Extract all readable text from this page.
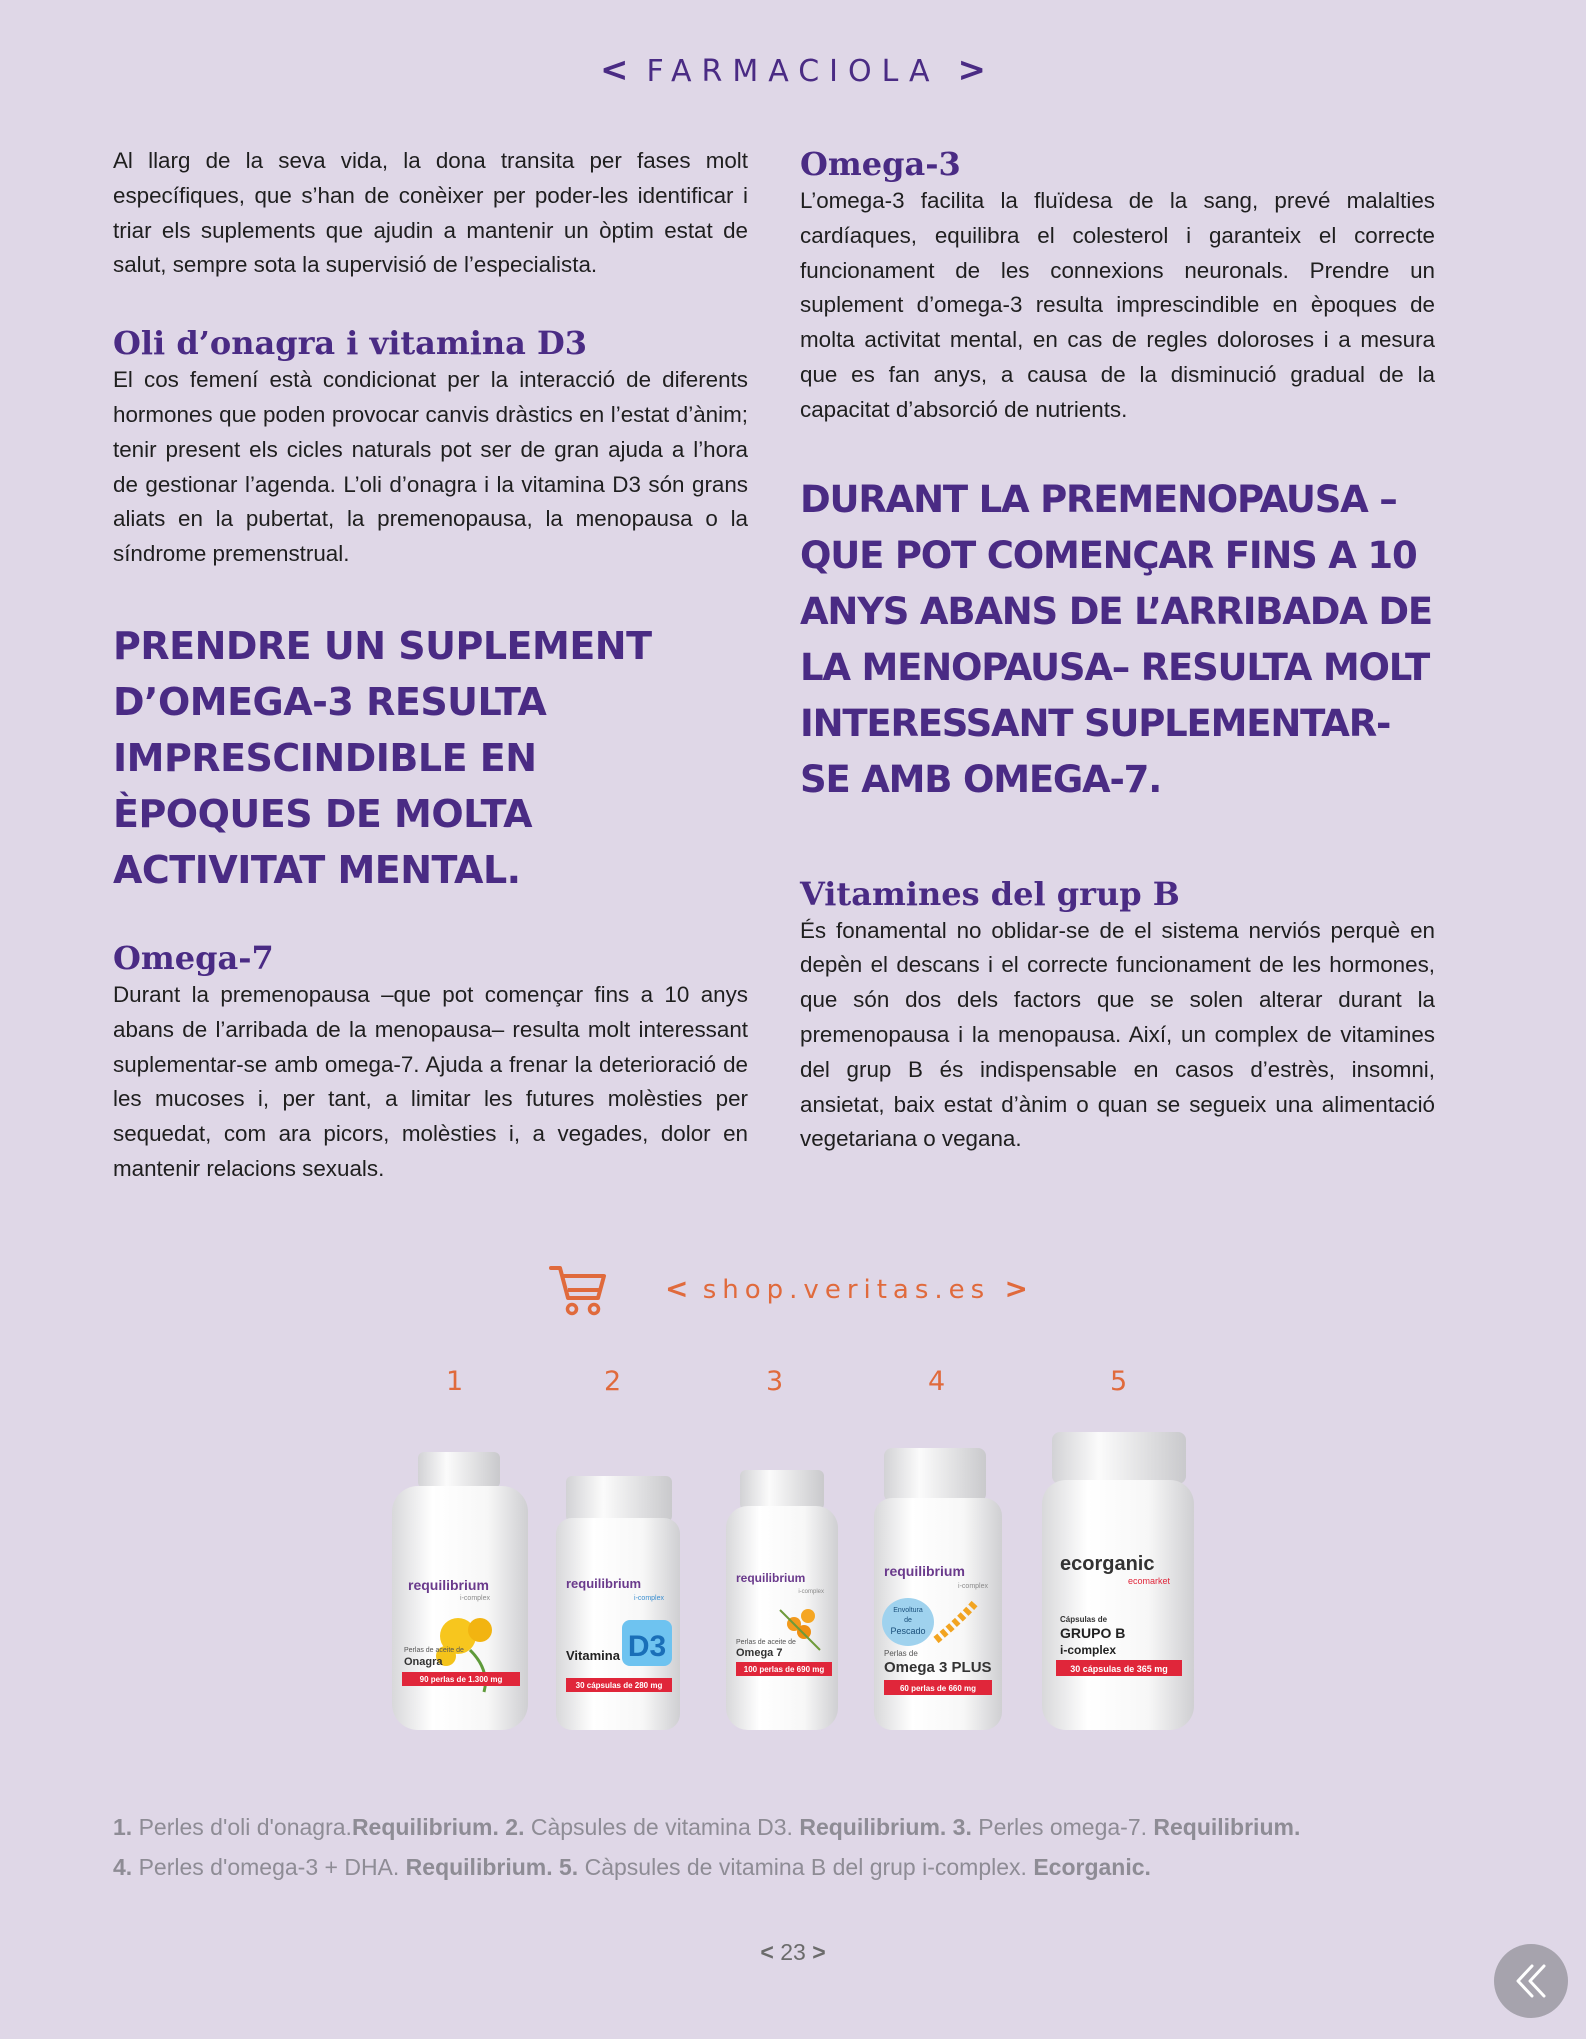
< FARMACIOLA >

Al llarg de la seva vida, la dona transita per fases molt específiques, que s’han de conèixer per poder-les identificar i triar els suplements que ajudin a mantenir un òptim estat de salut, sempre sota la supervisió de l’especialista.

Oli d’onagra i vitamina D3

El cos femení està condicionat per la interacció de diferents hormones que poden provocar canvis dràstics en l’estat d’ànim; tenir present els cicles naturals pot ser de gran ajuda a l’hora de gestionar l’agenda. L’oli d’onagra i la vitamina D3 són grans aliats en la pubertat, la premenopausa, la menopausa o la síndrome premenstrual.

PRENDRE UN SUPLEMENT D’OMEGA-3 RESULTA IMPRESCINDIBLE EN ÈPOQUES DE MOLTA ACTIVITAT MENTAL.

Omega-7

Durant la premenopausa –que pot començar fins a 10 anys abans de l’arribada de la menopausa– resulta molt interessant suplementar-se amb omega-7. Ajuda a frenar la deterioració de les mucoses i, per tant, a limitar les futures molèsties per sequedat, com ara picors, molèsties i, a vegades, dolor en mantenir relacions sexuals.

Omega-3

L’omega-3 facilita la fluïdesa de la sang, prevé malalties cardíaques, equilibra el colesterol i garanteix el correcte funcionament de les connexions neuronals. Prendre un suplement d’omega-3 resulta imprescindible en èpoques de molta activitat mental, en cas de regles doloroses i a mesura que es fan anys, a causa de la disminució gradual de la capacitat d’absorció de nutrients.

DURANT LA PREMENOPAUSA –QUE POT COMENÇAR FINS A 10 ANYS ABANS DE L’ARRIBADA DE LA MENOPAUSA– RESULTA MOLT INTERESSANT SUPLEMENTAR-SE AMB OMEGA-7.

Vitamines del grup B

És fonamental no oblidar-se de el sistema nerviós perquè en depèn el descans i el correcte funcionament de les hormones, que són dos dels factors que se solen alterar durant la premenopausa i la menopausa. Així, un complex de vitamines del grup B és indispensable en casos d’estrès, insomni, ansietat, baix estat d’ànim o quan se segueix una alimentació vegetariana o vegana.

< shop.veritas.es >
1	2	3	4	5
requilibrium
i-complex
Perlas de aceite de
Onagra
90 perlas de 1.300 mg
requilibrium
i-complex
Vitamina D3
30 cápsulas de 280 mg
requilibrium
i-complex
Perlas de aceite de
Omega 7
100 perlas de 690 mg
requilibrium
i-complex
Envoltura
de
Pescado
Perlas de
Omega 3 PLUS
60 perlas de 660 mg
ecorganic
ecomarket
Cápsulas de
GRUPO B
i-complex
30 cápsulas de 365 mg
1. Perles d'oli d'onagra.Requilibrium. 2. Càpsules de vitamina D3. Requilibrium. 3. Perles omega-7. Requilibrium.
4. Perles d'omega-3 + DHA. Requilibrium. 5. Càpsules de vitamina B del grup i-complex. Ecorganic.
< 23 >
